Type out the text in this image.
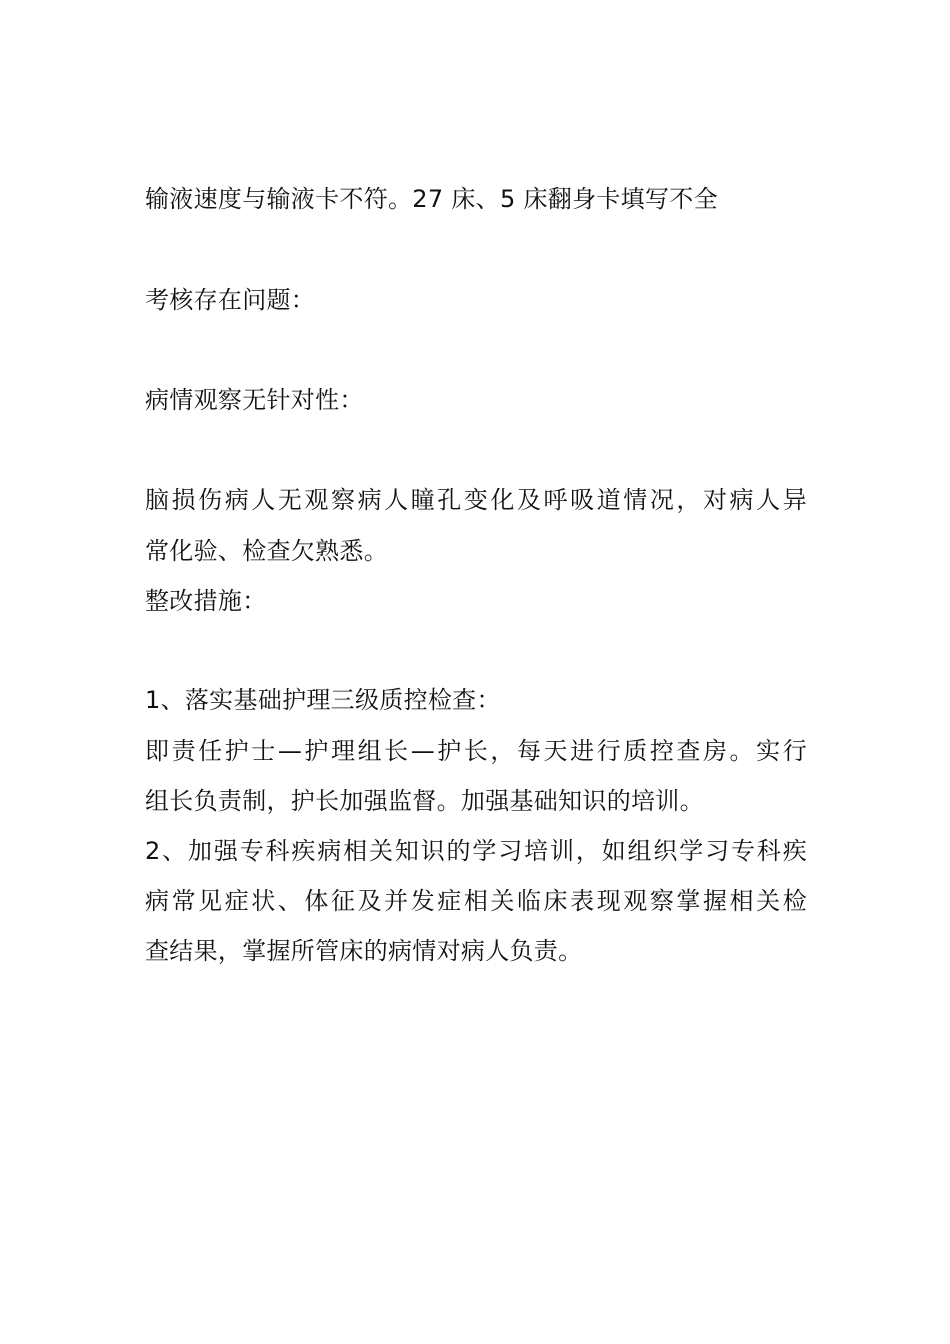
输液速度与输液卡不符。27 床、5 床翻身卡填写不全
考核存在问题：
病情观察无针对性：
脑损伤病人无观察病人瞳孔变化及呼吸道情况，对病人异
常化验、检查欠熟悉。
整改措施：
1、落实基础护理三级质控检查：
即责任护士—护理组长—护长，每天进行质控查房。实行
组长负责制，护长加强监督。加强基础知识的培训。
2、加强专科疾病相关知识的学习培训，如组织学习专科疾
病常见症状、体征及并发症相关临床表现观察掌握相关检
查结果，掌握所管床的病情对病人负责。
